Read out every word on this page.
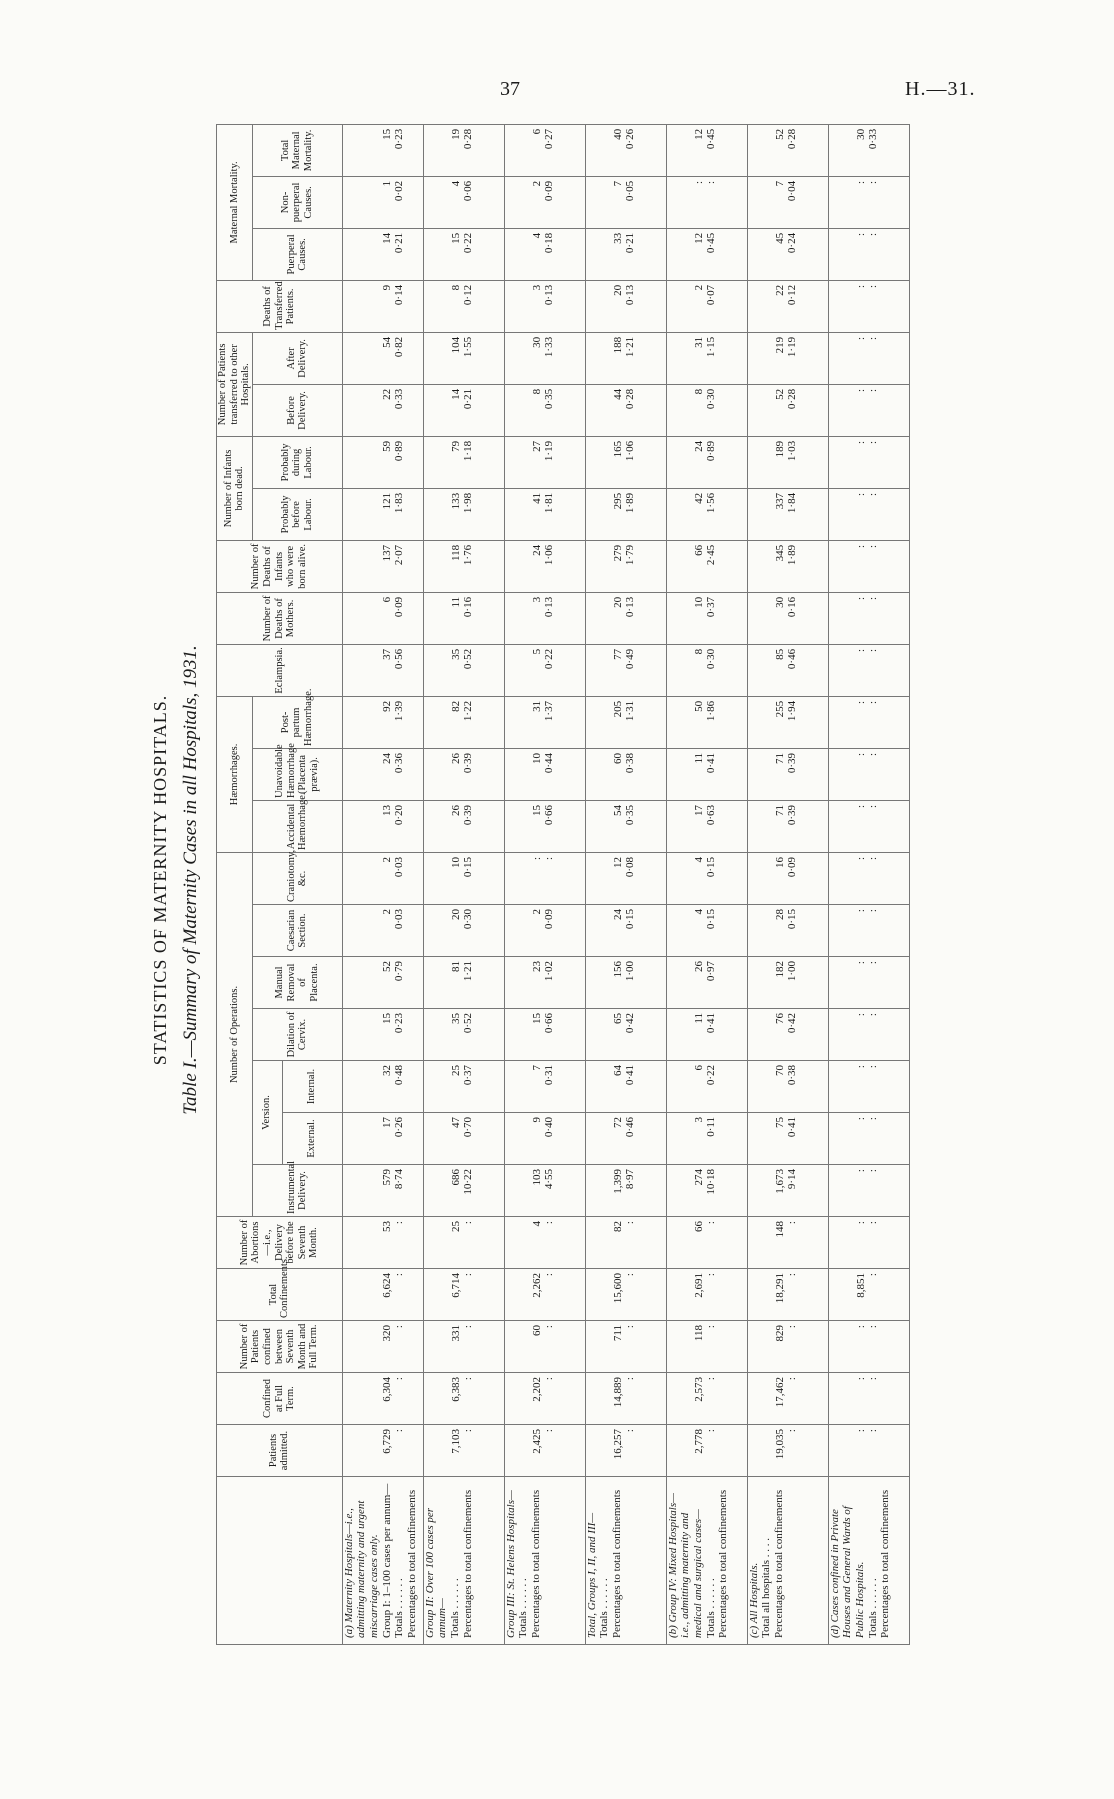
37	H.—31.
STATISTICS OF MATERNITY HOSPITALS. Table I.—Summary of Maternity Cases in all Hospitals, 1931.
	Patients admitted.	Confined at Full Term.	Number of Patients confined between Seventh Month and Full Term.	Total Confinements.	Number of Abortions—i.e., Delivery before the Seventh Month.	Number of Operations.							Hæmorrhages.			Eclampsia.	Number of Deaths of Mothers.	Number of Deaths of Infants who were born alive.	Number of Infants born dead.		Number of Patients transferred to other Hospitals.		Deaths of Transferred Patients.	Maternal Mortality.		
						Instrumental Delivery.	Version.		Dilation of Cervix.	Manual Removal of Placenta.	Caesarian Section.	Craniotomy, &c.	Accidental Hæmorrhage.	Unavoidable Hæmorrhage (Placenta prævia).	Post-partum Hæmorrhage.				Probably before Labour.	Probably during Labour.	Before Delivery.	After Delivery.		Puerperal Causes.	Non-puerperal Causes.	Total Maternal Mortality.
							External.	Internal.																		

(a) Maternity Hospitals—i.e., admitting maternity and urgent miscarriage cases only. Group I: 1–100 cases per annum— Totals . . . . . . Percentages to total confinements	6,729 :	6,304 :	320 :	6,624 :	53 :	579 8·74	17 0·26	32 0·48	15 0·23	52 0·79	2 0·03	2 0·03	13 0·20	24 0·36	92 1·39	37 0·56	6 0·09	137 2·07	121 1·83	59 0·89	22 0·33	54 0·82	9 0·14	14 0·21	1 0·02	15 0·23

Group II: Over 100 cases per annum— Totals . . . . . . Percentages to total confinements	7,103 :	6,383 :	331 :	6,714 :	25 :	686 10·22	47 0·70	25 0·37	35 0·52	81 1·21	20 0·30	10 0·15	26 0·39	26 0·39	82 1·22	35 0·52	11 0·16	118 1·76	133 1·98	79 1·18	14 0·21	104 1·55	8 0·12	15 0·22	4 0·06	19 0·28

Group III: St. Helens Hospitals— Totals . . . . . . Percentages to total confinements	2,425 :	2,202 :	60 :	2,262 :	4 :	103 4·55	9 0·40	7 0·31	15 0·66	23 1·02	2 0·09	: :	15 0·66	10 0·44	31 1·37	5 0·22	3 0·13	24 1·06	41 1·81	27 1·19	8 0·35	30 1·33	3 0·13	4 0·18	2 0·09	6 0·27

Total, Groups I, II, and III— Totals . . . . . . Percentages to total confinements	16,257 :	14,889 :	711 :	15,600 :	82 :	1,399 8·97	72 0·46	64 0·41	65 0·42	156 1·00	24 0·15	12 0·08	54 0·35	60 0·38	205 1·31	77 0·49	20 0·13	279 1·79	295 1·89	165 1·06	44 0·28	188 1·21	20 0·13	33 0·21	7 0·05	40 0·26

(b) Group IV: Mixed Hospitals—i.e., admitting maternity and medical and surgical cases— Totals . . . . . . Percentages to total confinements	2,778 :	2,573 :	118 :	2,691 :	66 :	274 10·18	3 0·11	6 0·22	11 0·41	26 0·97	4 0·15	4 0·15	17 0·63	11 0·41	50 1·86	8 0·30	10 0·37	66 2·45	42 1·56	24 0·89	8 0·30	31 1·15	2 0·07	12 0·45	: :	12 0·45

(c) All Hospitals. Total all hospitals . . . . Percentages to total confinements	19,035 :	17,462 :	829 :	18,291 :	148 :	1,673 9·14	75 0·41	70 0·38	76 0·42	182 1·00	28 0·15	16 0·09	71 0·39	71 0·39	255 1·94	85 0·46	30 0·16	345 1·89	337 1·84	189 1·03	52 0·28	219 1·19	22 0·12	45 0·24	7 0·04	52 0·28

(d) Cases confined in Private Houses and General Wards of Public Hospitals. Totals . . . . . . Percentages to total confinements	: :	: :	: :	8,851 :	: :	: :	: :	: :	: :	: :	: :	: :	: :	: :	: :	: :	: :	: :	: :	: :	: :	: :	: :	: :	: :	30 0·33
